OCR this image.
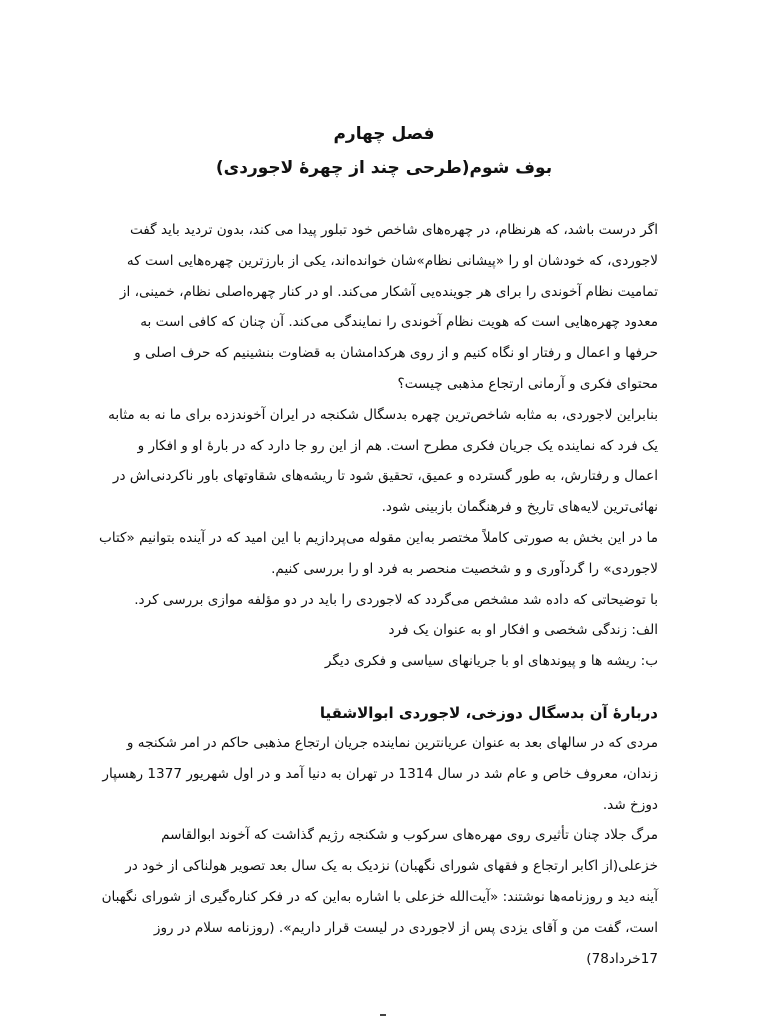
فصل چهارم
بوف شوم(طرحی چند از چهرهٔ لاجوردی)
اگر درست باشد، که هرنظام، در چهره‌های شاخص خود تبلور پیدا می کند، بدون تردید باید گفت
لاجوردی، که خودشان او را «پیشانی نظام»شان خوانده‌اند، یکی از بارزترین چهره‌هایی است که
تمامیت نظام آخوندی را برای هر جوینده‌یی آشکار می‌کند. او در کنار چهره‌اصلی نظام، خمینی، از
معدود چهره‌هایی است که هویت نظام آخوندی را نمایندگی می‌کند. آن چنان که کافی است به
حرفها و اعمال و رفتار او نگاه کنیم و از روی هرکدامشان به قضاوت بنشینیم که حرف اصلی و
محتوای فکری و آرمانی ارتجاع مذهبی چیست؟
بنابراین لاجوردی، به مثابه شاخص‌ترین چهره بدسگال شکنجه در ایران آخوندزده برای ما نه به مثابه
یک فرد که نماینده یک جریان فکری مطرح است. هم از این رو جا دارد که در بارهٔ او و افکار و
اعمال و رفتارش، به طور گسترده و عمیق، تحقیق شود تا ریشه‌های شقاوتهای باور ناکردنی‌اش در
نهائی‌ترین لایه‌های تاریخ و فرهنگمان بازبینی شود.
ما در این بخش به صورتی کاملاً مختصر به‌این مقوله می‌پردازیم با این امید که در آینده بتوانیم «کتاب
لاجوردی» را گردآوری و و شخصیت منحصر به فرد او را بررسی کنیم.
با توضیحاتی که داده شد مشخص می‌گردد که لاجوردی را باید در دو مؤلفه موازی بررسی کرد.
الف: زندگی شخصی و افکار او به عنوان یک فرد
ب: ریشه ها و پیوندهای او با جریانهای سیاسی و فکری دیگر
دربارهٔ آن بدسگال دوزخی، لاجوردی ابوالاشقیا
مردی که در سالهای بعد به عنوان عریانترین نماینده جریان ارتجاع مذهبی حاکم در امر شکنجه و
زندان، معروف خاص و عام شد در سال 1314 در تهران به دنیا آمد و در اول شهریور 1377 رهسپار
دوزخ شد.
مرگ جلاد چنان تأثیری روی مهره‌های سرکوب و شکنجه رژیم گذاشت که آخوند ابوالقاسم
خزعلی(از اکابر ارتجاع و فقهای شورای نگهبان) نزدیک به یک سال بعد تصویر هولناکی از خود در
آینه دید و روزنامه‌ها نوشتند: «آیت‌الله خزعلی با اشاره به‌این که در فکر کناره‌گیری از شورای نگهبان
است، گفت من و آقای یزدی پس از لاجوردی در لیست قرار داریم». (روزنامه سلام در روز
17خرداد78)
